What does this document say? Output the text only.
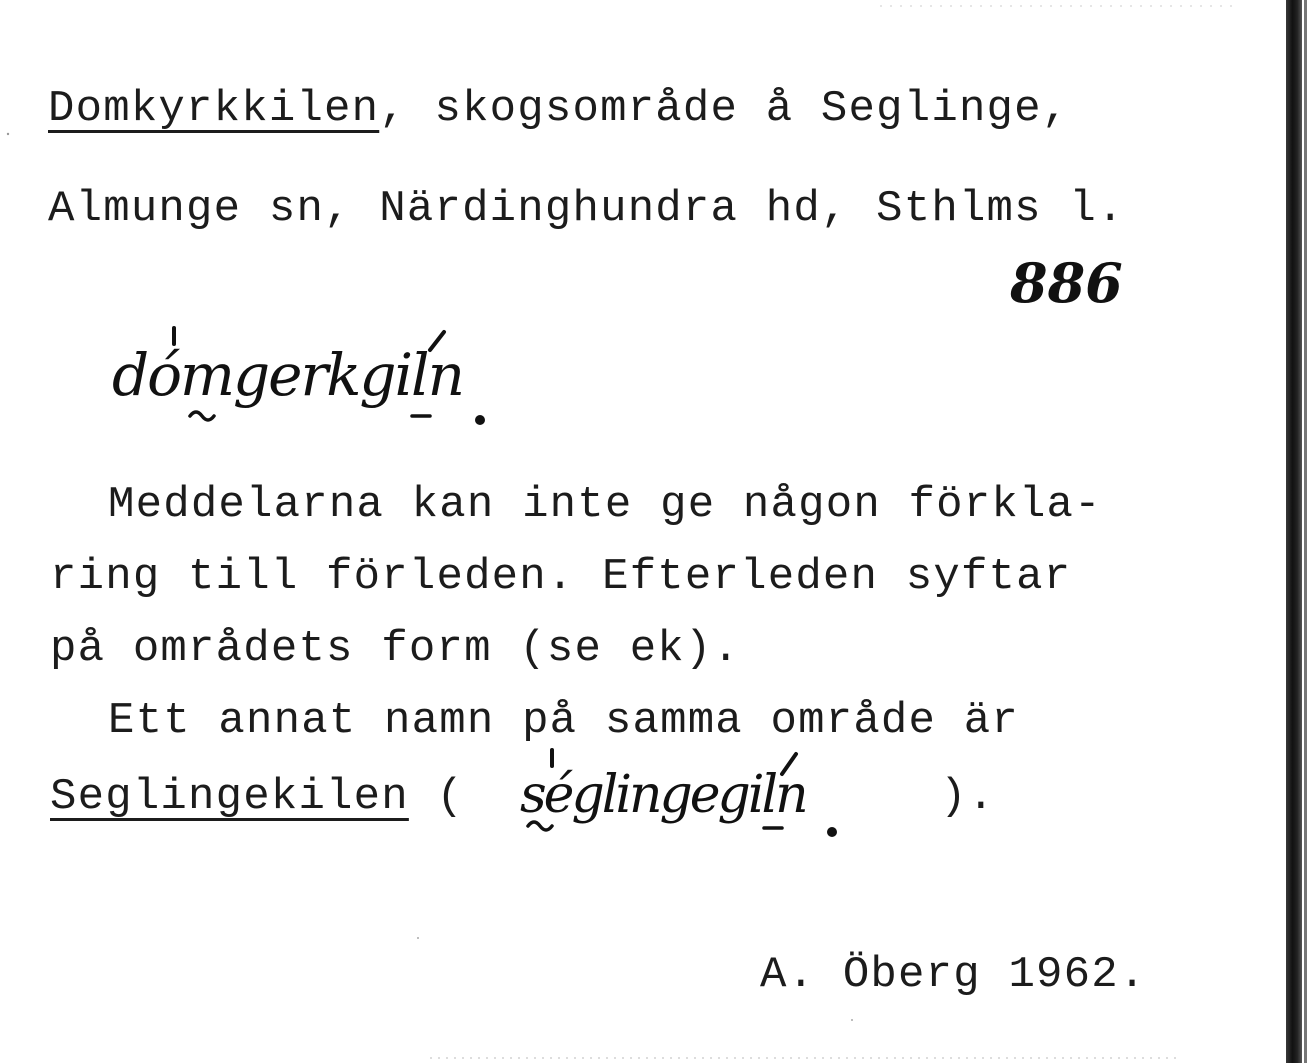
Domkyrkkilen, skogsområde å Seglinge,
Almunge sn, Närdinghundra hd, Sthlms l.
886
dómgerkgiln
Meddelarna kan inte ge någon förkla-
ring till förleden. Efterleden syftar
på områdets form (se ek).
Ett annat namn på samma område är
Seglingekilen ( séglingegiln	).
A. Öberg 1962.
